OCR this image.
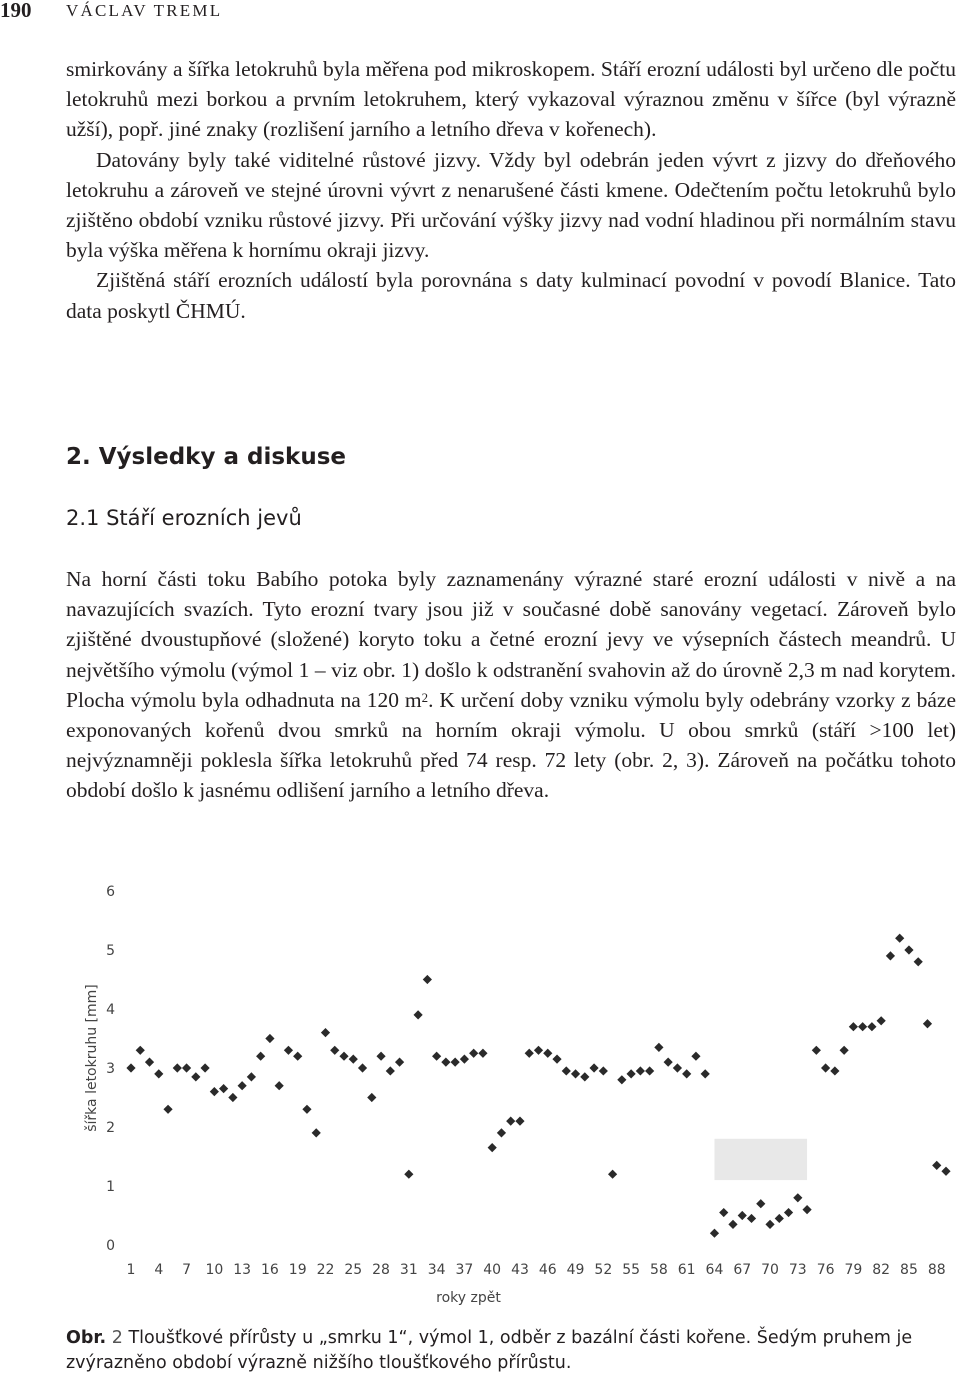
190 VÁCLAV TREML

smirkovány a šířka letokruhů byla měřena pod mikroskopem. Stáří erozní události byl určeno dle počtu letokruhů mezi borkou a prvním letokruhem, který vykazoval výraznou změnu v šířce (byl výrazně užší), popř. jiné znaky (rozlišení jarního a letního dřeva v kořenech).

Datovány byly také viditelné růstové jizvy. Vždy byl odebrán jeden vývrt z jizvy do dřeňového letokruhu a zároveň ve stejné úrovni vývrt z nenarušené části kmene. Odečtením počtu letokruhů bylo zjištěno období vzniku růstové jizvy. Při určování výšky jizvy nad vodní hladinou při normálním stavu byla výška měřena k hornímu okraji jizvy.

Zjištěná stáří erozních událostí byla porovnána s daty kulminací povodní v povodí Blanice. Tato data poskytl ČHMÚ.

2. Výsledky a diskuse
2.1 Stáří erozních jevů

Na horní části toku Babího potoka byly zaznamenány výrazné staré erozní události v nivě a na navazujících svazích. Tyto erozní tvary jsou již v současné době sanovány vegetací. Zároveň bylo zjištěné dvoustupňové (složené) koryto toku a četné erozní jevy ve výsepních částech meandrů. U největšího výmolu (výmol 1 – viz obr. 1) došlo k odstranění svahovin až do úrovně 2,3 m nad korytem. Plocha výmolu byla odhadnuta na 120 $m^2$. K určení doby vzniku výmolu byly odebrány vzorky z báze exponovaných kořenů dvou smrků na horním okraji výmolu. U obou smrků (stáří >100 let) nejvýznamněji poklesla šířka letokruhů před 74 resp. 72 lety (obr. 2, 3). Zároveň na počátku tohoto období došlo k jasnému odlišení jarního a letního dřeva.

0
1
2
3
4
5
6
1 4 7 10 13 16 19 22 25 28 31 34 37 40 43 46 49 52 55 58 61 64 67 70 73 76 79 82 85 88
šířka letokruhu [mm]
roky zpět
Obr. 2 Tloušťkové přírůsty u „smrku 1“, výmol 1, odběr z bazální části kořene. Šedým pruhem je zvýrazněno období výrazně nižšího tloušťkového přírůstu.
